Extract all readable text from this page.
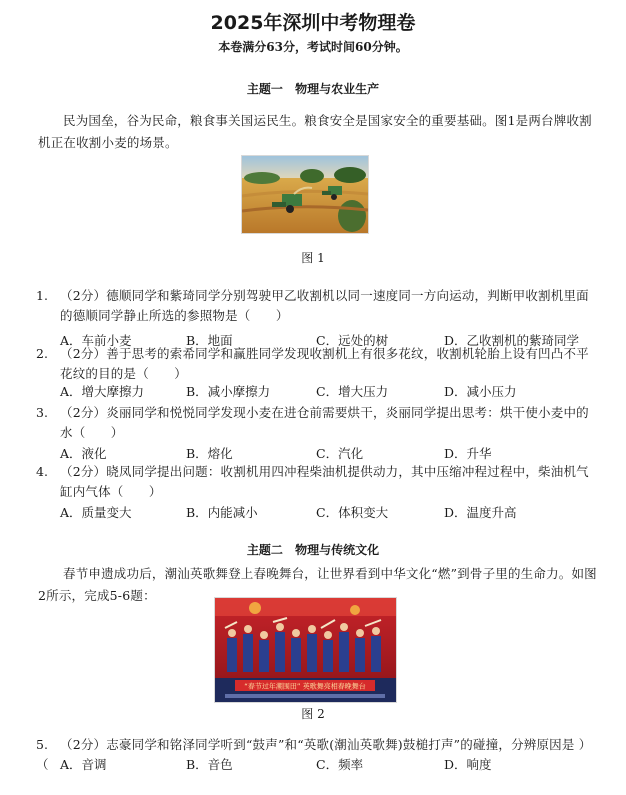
2025年深圳中考物理卷
本卷满分63分，考试时间60分钟。
主题一 物理与农业生产
民为国垒，谷为民命，粮食事关国运民生。粮食安全是国家安全的重要基础。图1是两台牌收割机正在收割小麦的场景。
图 1
1. （2分）德顺同学和紫琦同学分别驾驶甲乙收割机以同一速度同一方向运动，判断甲收割机里面的德顺同学静止所选的参照物是（　　）
A．车前小麦	B．地面	C．远处的树	D．乙收割机的紫琦同学
2. （2分）善于思考的索希同学和赢胜同学发现收割机上有很多花纹，收割机轮胎上设有凹凸不平花纹的目的是（　　）
A．增大摩擦力	B．减小摩擦力	C．增大压力	D．减小压力
3. （2分）炎丽同学和悦悦同学发现小麦在进仓前需要烘干，炎丽同学提出思考：烘干使小麦中的水（　　）
A．液化	B．熔化	C．汽化	D．升华
4. （2分）晓凤同学提出问题：收割机用四冲程柴油机提供动力，其中压缩冲程过程中，柴油机气缸内气体（　　）
A．质量变大	B．内能减小	C．体积变大	D．温度升高
主题二 物理与传统文化
春节申遗成功后，潮汕英歌舞登上春晚舞台，让世界看到中华文化“燃”到骨子里的生命力。如图2所示，完成5-6题：
“春节过年潮围田” 英歌舞亮相春晚舞台
图 2
5. （2分）志豪同学和铭泽同学听到“鼓声”和“英歌(潮汕英歌舞)鼓槌打声”的碰撞，分辨原因是 ）
（ A．音调	B．音色	C．频率	D．响度
